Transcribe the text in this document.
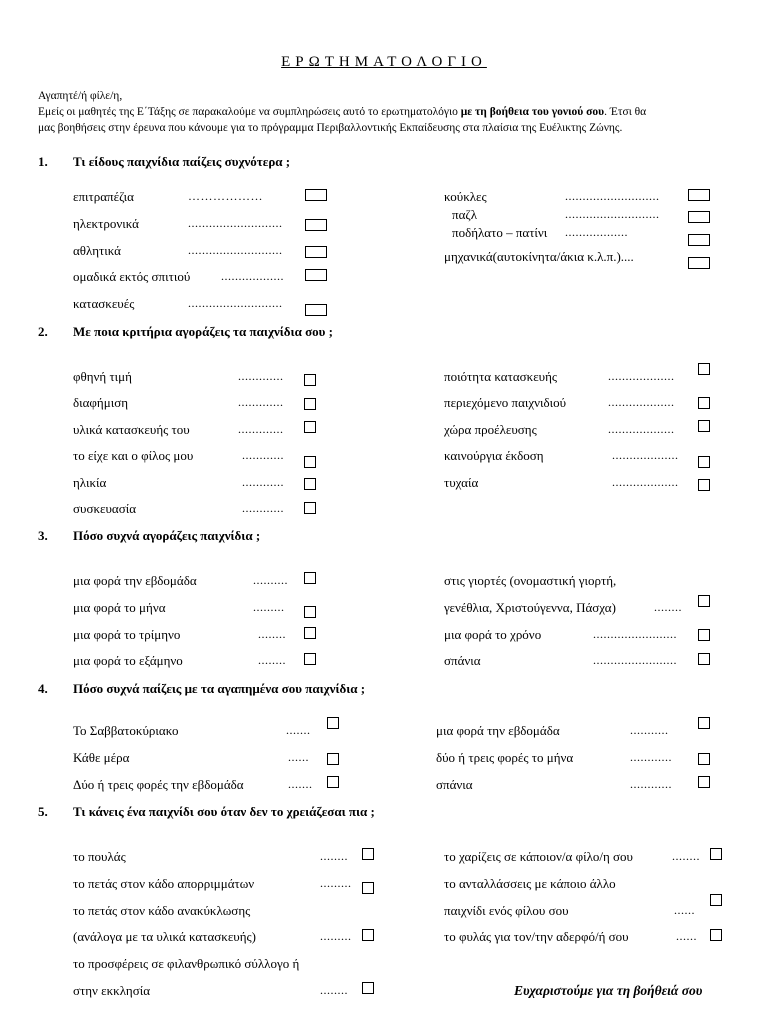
ΕΡΩΤΗΜΑΤΟΛΟΓΙΟ
Αγαπητέ/ή φίλε/η,
Εμείς οι μαθητές της Ε΄Τάξης σε παρακαλούμε να συμπληρώσεις αυτό το ερωτηματολόγιο με τη βοήθεια του γονιού σου. Έτσι θα
μας βοηθήσεις στην έρευνα που κάνουμε για το πρόγραμμα Περιβαλλοντικής Εκπαίδευσης στα πλαίσια της Ευέλικτης Ζώνης.
1. Τι είδους παιχνίδια παίζεις συχνότερα ;
επιτραπέζια	………………
ηλεκτρονικά	...........................
αθλητικά	...........................
ομαδικά εκτός σπιτιού	..................
κατασκευές	...........................
κούκλες	...........................
παζλ	...........................
ποδήλατο – πατίνι ..................
μηχανικά(αυτοκίνητα/άκια κ.λ.π.)....
2. Με ποια κριτήρια αγοράζεις τα παιχνίδια σου ;
φθηνή τιμή	.............
διαφήμιση	.............
υλικά κατασκευής του	.............
το είχε και ο φίλος μου	............
ηλικία	............
συσκευασία	............
ποιότητα κατασκευής	...................
περιεχόμενο παιχνιδιού	...................
χώρα προέλευσης	...................
καινούργια έκδοση	...................
τυχαία	...................
3. Πόσο συχνά αγοράζεις παιχνίδια ;
μια φορά την εβδομάδα	..........
μια φορά το μήνα	.........
μια φορά το τρίμηνο	........
μια φορά το εξάμηνο	........
στις γιορτές (ονομαστική γιορτή,
γενέθλια, Χριστούγεννα, Πάσχα)	........
μια φορά το χρόνο	........................
σπάνια	........................
4. Πόσο συχνά παίζεις με τα αγαπημένα σου παιχνίδια ;
Το Σαββατοκύριακο	.......
Κάθε μέρα	......
Δύο ή τρεις φορές την εβδομάδα	.......
μια φορά την εβδομάδα	...........
δύο ή τρεις φορές το μήνα	............
σπάνια	............
5. Τι κάνεις ένα παιχνίδι σου όταν δεν το χρειάζεσαι πια ;
το πουλάς	........
το πετάς στον κάδο απορριμμάτων	.........
το πετάς στον κάδο ανακύκλωσης
(ανάλογα με τα υλικά κατασκευής)	.........
το προσφέρεις σε φιλανθρωπικό σύλλογο ή
στην εκκλησία	........
το χαρίζεις σε κάποιον/α φίλο/η σου	........
το ανταλλάσσεις με κάποιο άλλο
παιχνίδι ενός φίλου σου	......
το φυλάς για τον/την αδερφό/ή σου	......
Ευχαριστούμε για τη βοήθειά σου
